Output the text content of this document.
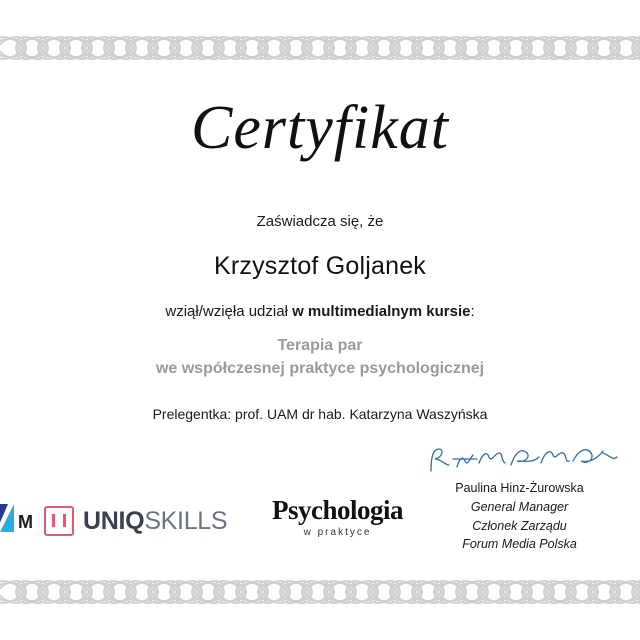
Certyfikat
Zaświadcza się, że
Krzysztof Goljanek
wziął/wzięła udział w multimedialnym kursie:
Terapia par
we współczesnej praktyce psychologicznej
Prelegentka: prof. UAM dr hab. Katarzyna Waszyńska
M UNIQSKILLS Psychologia
w praktyce
Paulina Hinz-Żurowska
General Manager
Członek Zarządu
Forum Media Polska
